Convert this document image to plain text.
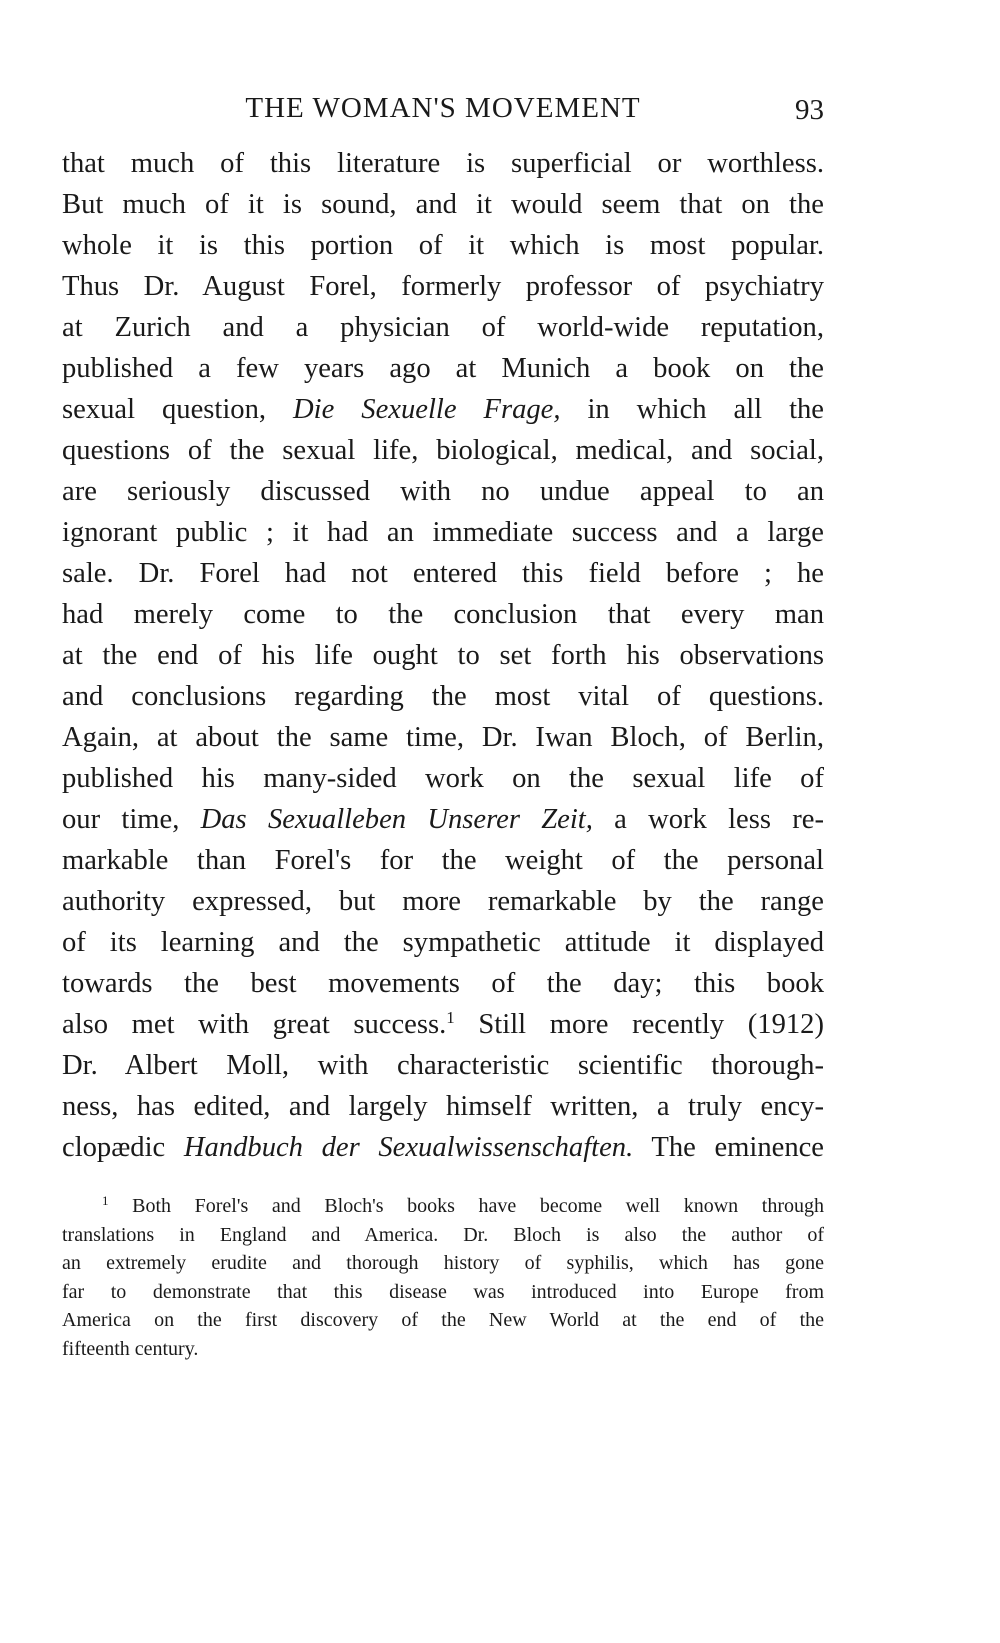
THE WOMAN'S MOVEMENT	93
that much of this literature is superficial or worthless.
But much of it is sound, and it would seem that on the
whole it is this portion of it which is most popular.
Thus Dr. August Forel, formerly professor of psychiatry
at Zurich and a physician of world-wide reputation,
published a few years ago at Munich a book on the
sexual question, Die Sexuelle Frage, in which all the
questions of the sexual life, biological, medical, and social,
are seriously discussed with no undue appeal to an
ignorant public ; it had an immediate success and a large
sale. Dr. Forel had not entered this field before ; he
had merely come to the conclusion that every man
at the end of his life ought to set forth his observations
and conclusions regarding the most vital of questions.
Again, at about the same time, Dr. Iwan Bloch, of Berlin,
published his many-sided work on the sexual life of
our time, Das Sexualleben Unserer Zeit, a work less re-
markable than Forel's for the weight of the personal
authority expressed, but more remarkable by the range
of its learning and the sympathetic attitude it displayed
towards the best movements of the day; this book
also met with great success.$^1$ Still more recently (1912)
Dr. Albert Moll, with characteristic scientific thorough-
ness, has edited, and largely himself written, a truly ency-
clopædic Handbuch der Sexualwissenschaften. The eminence
$^1$ Both Forel's and Bloch's books have become well known through
translations in England and America. Dr. Bloch is also the author of
an extremely erudite and thorough history of syphilis, which has gone
far to demonstrate that this disease was introduced into Europe from
America on the first discovery of the New World at the end of the
fifteenth century.
